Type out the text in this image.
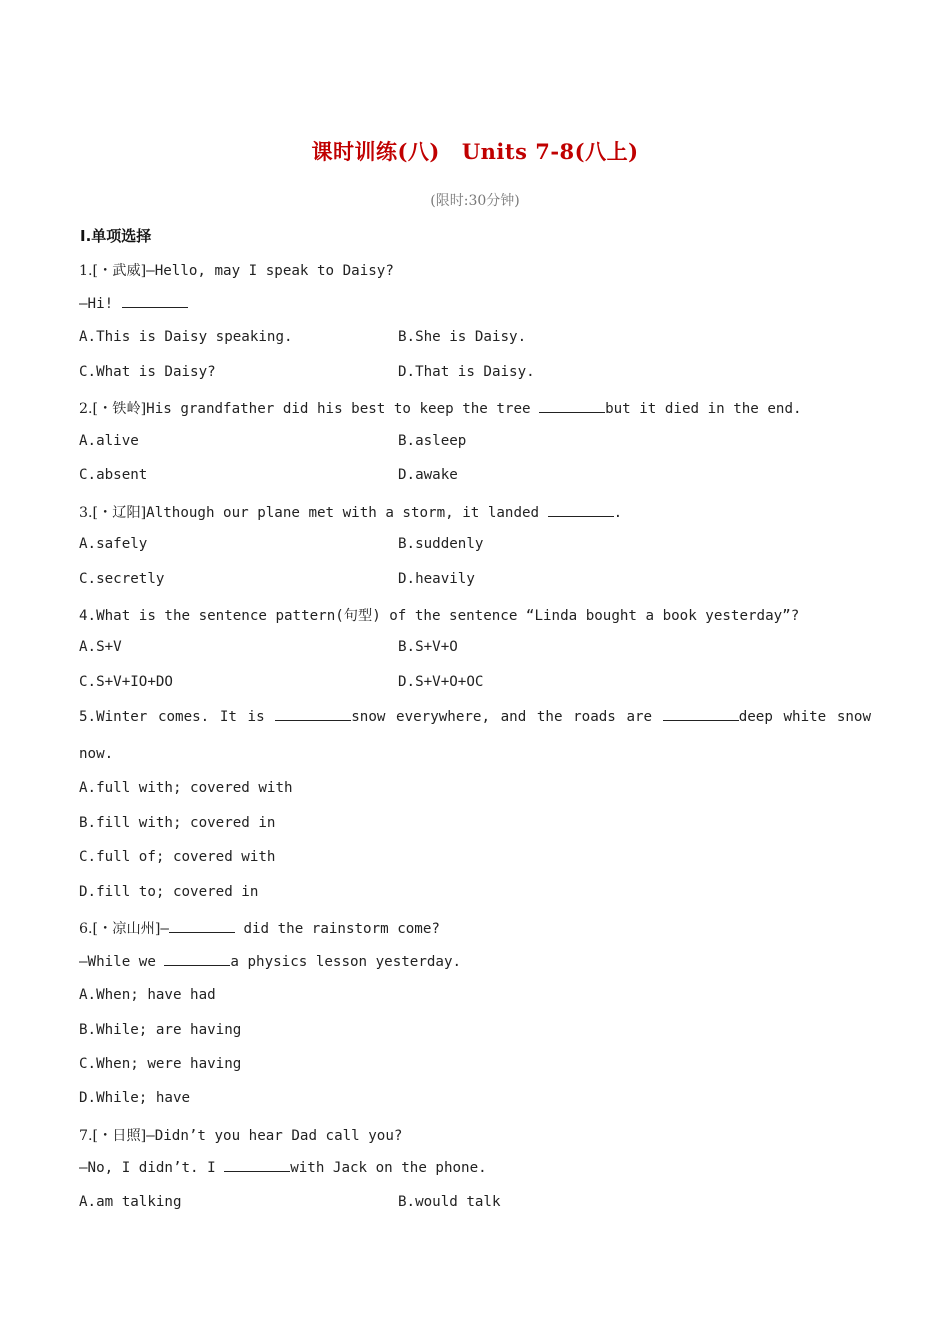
课时训练(八) Units 7-8(八上)
(限时:30分钟)
Ⅰ.单项选择
1.[・武威]—Hello, may I speak to Daisy?
—Hi!
A.This is Daisy speaking.	B.She is Daisy.
C.What is Daisy?	D.That is Daisy.
2.[・铁岭]His grandfather did his best to keep the tree	but it died in the end.
A.alive	B.asleep
C.absent	D.awake
3.[・辽阳]Although our plane met with a storm, it landed	.
A.safely	B.suddenly
C.secretly	D.heavily
4.What is the sentence pattern(句型) of the sentence “Linda bought a book yesterday”?
A.S+V	B.S+V+O
C.S+V+IO+DO	D.S+V+O+OC
5.Winter comes. It is	snow everywhere, and the roads are	deep white snow
now.
A.full with; covered with
B.fill with; covered in
C.full of; covered with
D.fill to; covered in
6.[・凉山州]—	did the rainstorm come?
—While we	a physics lesson yesterday.
A.When; have had
B.While; are having
C.When; were having
D.While; have
7.[・日照]—Didn’t you hear Dad call you?
—No, I didn’t. I	with Jack on the phone.
A.am talking	B.would talk
